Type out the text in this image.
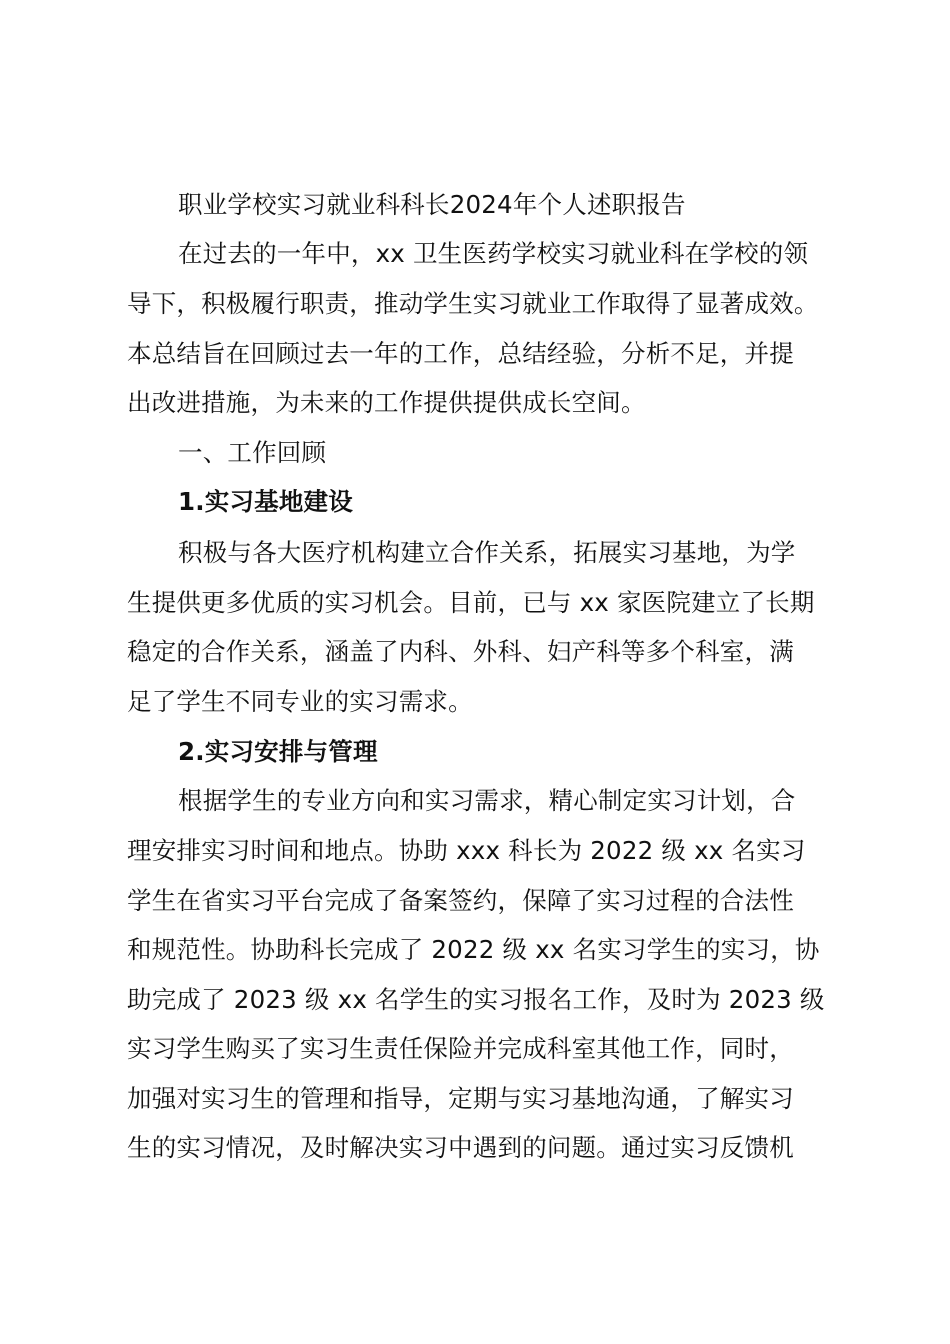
职业学校实习就业科科长2024年个人述职报告
在过去的一年中，xx 卫生医药学校实习就业科在学校的领
导下，积极履行职责，推动学生实习就业工作取得了显著成效。
本总结旨在回顾过去一年的工作，总结经验，分析不足，并提
出改进措施，为未来的工作提供提供成长空间。
一、工作回顾
1.实习基地建设
积极与各大医疗机构建立合作关系，拓展实习基地，为学
生提供更多优质的实习机会。目前，已与 xx 家医院建立了长期
稳定的合作关系，涵盖了内科、外科、妇产科等多个科室，满
足了学生不同专业的实习需求。
2.实习安排与管理
根据学生的专业方向和实习需求，精心制定实习计划，合
理安排实习时间和地点。协助 xxx 科长为 2022 级 xx 名实习
学生在省实习平台完成了备案签约，保障了实习过程的合法性
和规范性。协助科长完成了 2022 级 xx 名实习学生的实习，协
助完成了 2023 级 xx 名学生的实习报名工作，及时为 2023 级
实习学生购买了实习生责任保险并完成科室其他工作，同时，
加强对实习生的管理和指导，定期与实习基地沟通，了解实习
生的实习情况，及时解决实习中遇到的问题。通过实习反馈机
